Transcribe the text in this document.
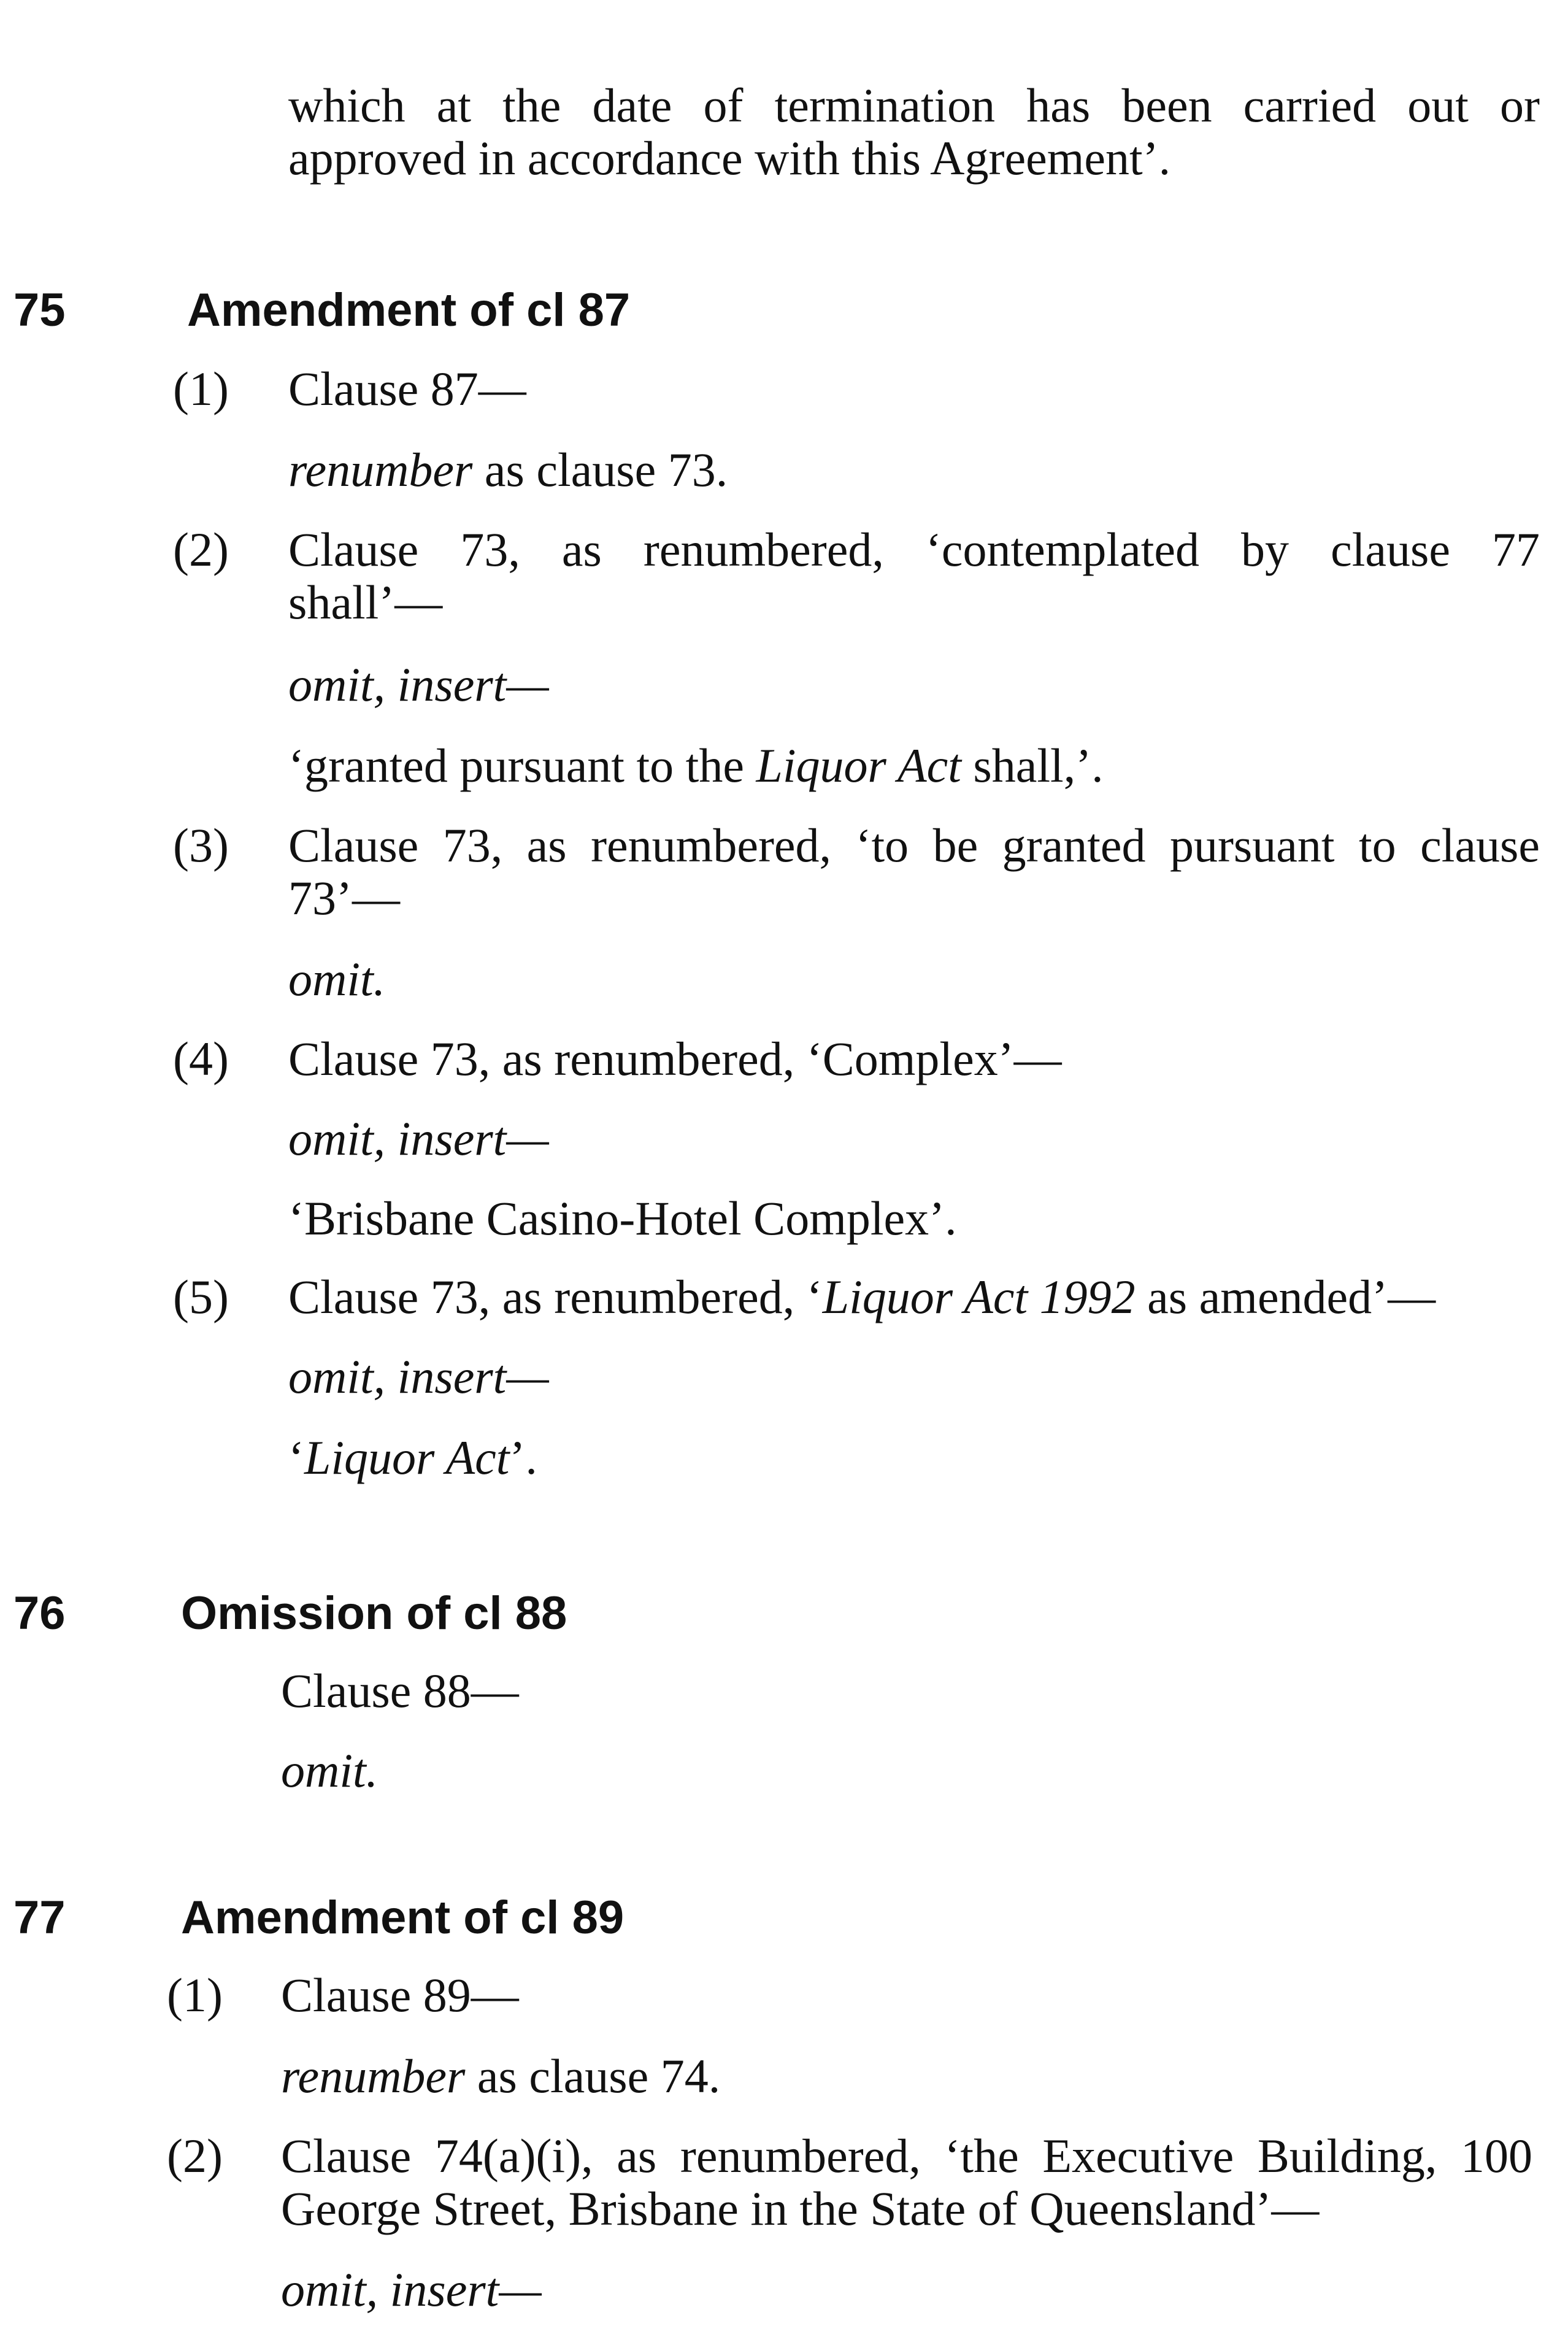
which at the date of termination has been carried out or
approved in accordance with this Agreement’.
75	Amendment of cl 87
(1) Clause 87—
renumber as clause 73.
(2) Clause 73, as renumbered, ‘contemplated by clause 77
shall’—
omit, insert—
‘granted pursuant to the Liquor Act shall,’.
(3) Clause 73, as renumbered, ‘to be granted pursuant to clause
73’—
omit.
(4) Clause 73, as renumbered, ‘Complex’—
omit, insert—
‘Brisbane Casino-Hotel Complex’.
(5) Clause 73, as renumbered, ‘Liquor Act 1992 as amended’—
omit, insert—
‘Liquor Act’.
76 Omission of cl 88
Clause 88—
omit.
77 Amendment of cl 89
(1) Clause 89—
renumber as clause 74.
(2) Clause 74(a)(i), as renumbered, ‘the Executive Building, 100
George Street, Brisbane in the State of Queensland’—
omit, insert—
